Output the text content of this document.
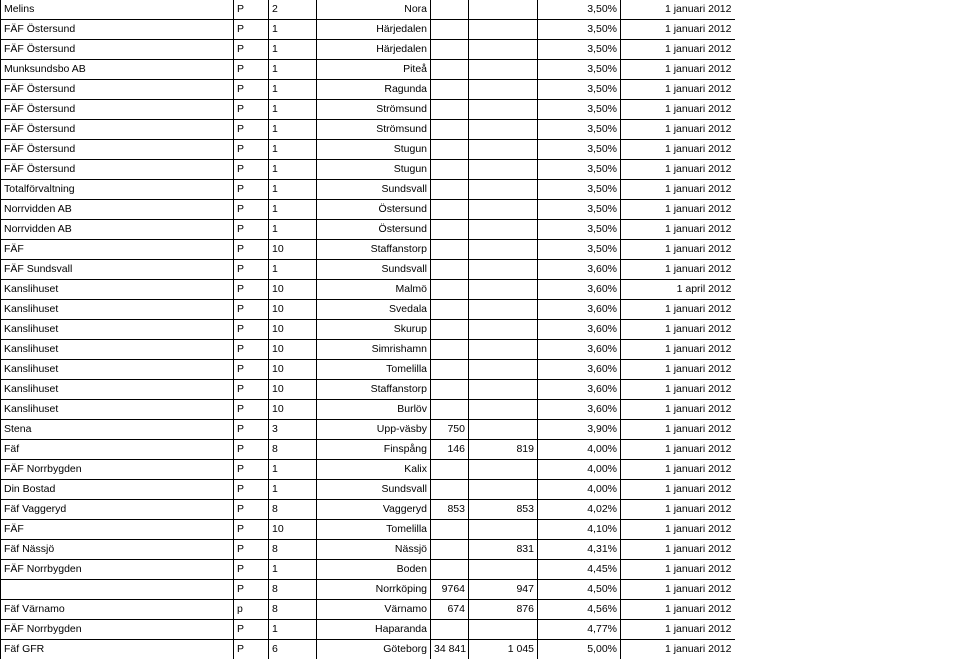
Melins	P	2	Nora			3,50%	1 januari 2012	
FÄF Östersund	P	1	Härjedalen			3,50%	1 januari 2012	
FÄF Östersund	P	1	Härjedalen			3,50%	1 januari 2012	
Munksundsbo AB	P	1	Piteå			3,50%	1 januari 2012	
FÄF Östersund	P	1	Ragunda			3,50%	1 januari 2012	
FÄF Östersund	P	1	Strömsund			3,50%	1 januari 2012	
FÄF Östersund	P	1	Strömsund			3,50%	1 januari 2012	
FÄF Östersund	P	1	Stugun			3,50%	1 januari 2012	
FÄF Östersund	P	1	Stugun			3,50%	1 januari 2012	
Totalförvaltning	P	1	Sundsvall			3,50%	1 januari 2012	
Norrvidden AB	P	1	Östersund			3,50%	1 januari 2012	
Norrvidden AB	P	1	Östersund			3,50%	1 januari 2012	
FÄF	P	10	Staffanstorp			3,50%	1 januari 2012	
FÄF Sundsvall	P	1	Sundsvall			3,60%	1 januari 2012	
Kanslihuset	P	10	Malmö			3,60%	1 april 2012	
Kanslihuset	P	10	Svedala			3,60%	1 januari 2012	
Kanslihuset	P	10	Skurup			3,60%	1 januari 2012	
Kanslihuset	P	10	Simrishamn			3,60%	1 januari 2012	
Kanslihuset	P	10	Tomelilla			3,60%	1 januari 2012	
Kanslihuset	P	10	Staffanstorp			3,60%	1 januari 2012	
Kanslihuset	P	10	Burlöv			3,60%	1 januari 2012	
Stena	P	3	Upp-väsby	750		3,90%	1 januari 2012	
Fäf	P	8	Finspång	146	819	4,00%	1 januari 2012	
FÄF Norrbygden	P	1	Kalix			4,00%	1 januari 2012	
Din Bostad	P	1	Sundsvall			4,00%	1 januari 2012	
Fäf Vaggeryd	P	8	Vaggeryd	853	853	4,02%	1 januari 2012	
FÄF	P	10	Tomelilla			4,10%	1 januari 2012	
Fäf Nässjö	P	8	Nässjö		831	4,31%	1 januari 2012	
FÄF Norrbygden	P	1	Boden			4,45%	1 januari 2012	
	P	8	Norrköping	9764	947	4,50%	1 januari 2012	
Fäf Värnamo	p	8	Värnamo	674	876	4,56%	1 januari 2012	
FÄF Norrbygden	P	1	Haparanda			4,77%	1 januari 2012	
Fäf GFR	P	6	Göteborg	34 841	1 045	5,00%	1 januari 2012	
